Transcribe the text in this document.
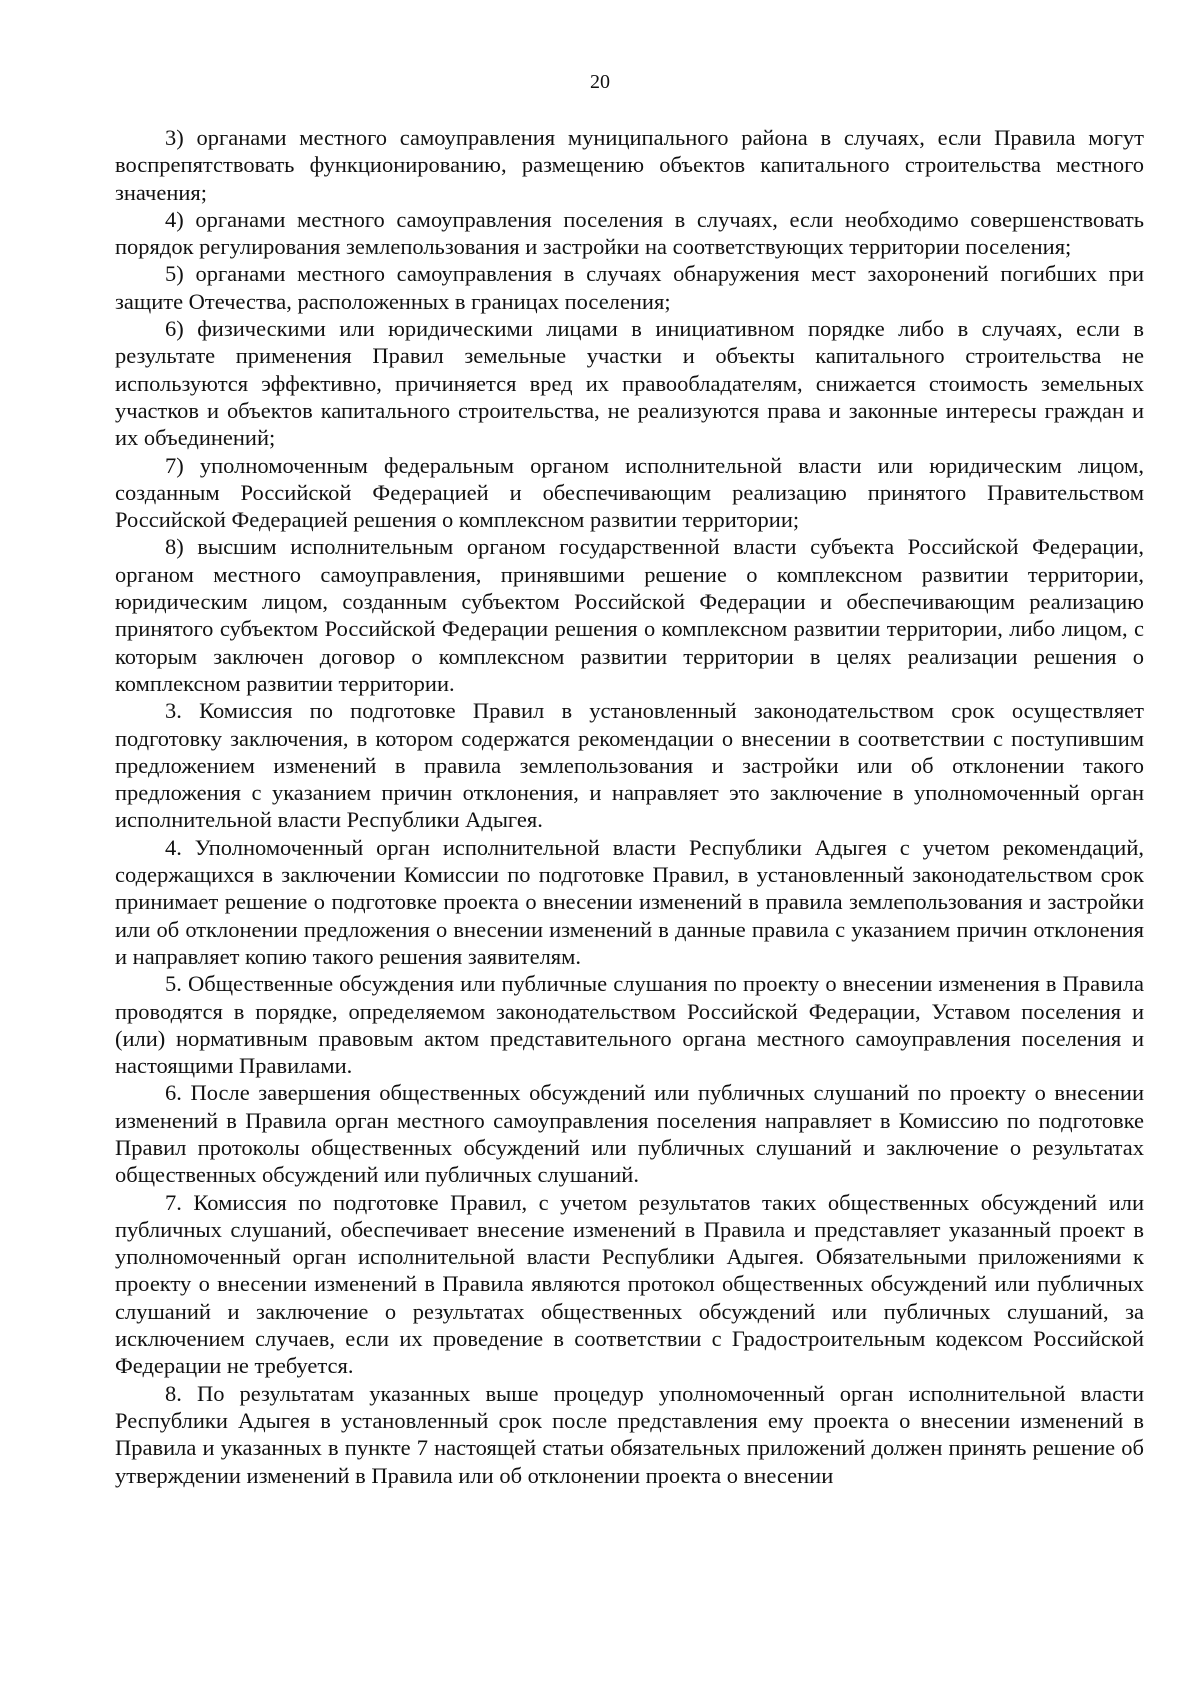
20

3) органами местного самоуправления муниципального района в случаях, если Правила могут воспрепятствовать функционированию, размещению объектов капитального строительства местного значения;

4) органами местного самоуправления поселения в случаях, если необходимо совершенствовать порядок регулирования землепользования и застройки на соответствующих территории поселения;

5) органами местного самоуправления в случаях обнаружения мест захоронений погибших при защите Отечества, расположенных в границах поселения;

6) физическими или юридическими лицами в инициативном порядке либо в случаях, если в результате применения Правил земельные участки и объекты капитального строительства не используются эффективно, причиняется вред их правообладателям, снижается стоимость земельных участков и объектов капитального строительства, не реализуются права и законные интересы граждан и их объединений;

7) уполномоченным федеральным органом исполнительной власти или юридическим лицом, созданным Российской Федерацией и обеспечивающим реализацию принятого Правительством Российской Федерацией решения о комплексном развитии территории;

8) высшим исполнительным органом государственной власти субъекта Российской Федерации, органом местного самоуправления, принявшими решение о комплексном развитии территории, юридическим лицом, созданным субъектом Российской Федерации и обеспечивающим реализацию принятого субъектом Российской Федерации решения о комплексном развитии территории, либо лицом, с которым заключен договор о комплексном развитии территории в целях реализации решения о комплексном развитии территории.

3. Комиссия по подготовке Правил в установленный законодательством срок осуществляет подготовку заключения, в котором содержатся рекомендации о внесении в соответствии с поступившим предложением изменений в правила землепользования и застройки или об отклонении такого предложения с указанием причин отклонения, и направляет это заключение в уполномоченный орган исполнительной власти Республики Адыгея.

4. Уполномоченный орган исполнительной власти Республики Адыгея с учетом рекомендаций, содержащихся в заключении Комиссии по подготовке Правил, в установленный законодательством срок принимает решение о подготовке проекта о внесении изменений в правила землепользования и застройки или об отклонении предложения о внесении изменений в данные правила с указанием причин отклонения и направляет копию такого решения заявителям.

5. Общественные обсуждения или публичные слушания по проекту о внесении изменения в Правила проводятся в порядке, определяемом законодательством Российской Федерации, Уставом поселения и (или) нормативным правовым актом представительного органа местного самоуправления поселения и настоящими Правилами.

6. После завершения общественных обсуждений или публичных слушаний по проекту о внесении изменений в Правила орган местного самоуправления поселения направляет в Комиссию по подготовке Правил протоколы общественных обсуждений или публичных слушаний и заключение о результатах общественных обсуждений или публичных слушаний.

7. Комиссия по подготовке Правил, с учетом результатов таких общественных обсуждений или публичных слушаний, обеспечивает внесение изменений в Правила и представляет указанный проект в уполномоченный орган исполнительной власти Республики Адыгея. Обязательными приложениями к проекту о внесении изменений в Правила являются протокол общественных обсуждений или публичных слушаний и заключение о результатах общественных обсуждений или публичных слушаний, за исключением случаев, если их проведение в соответствии с Градостроительным кодексом Российской Федерации не требуется.

8. По результатам указанных выше процедур уполномоченный орган исполнительной власти Республики Адыгея в установленный срок после представления ему проекта о внесении изменений в Правила и указанных в пункте 7 настоящей статьи обязательных приложений должен принять решение об утверждении изменений в Правила или об отклонении проекта о внесении
